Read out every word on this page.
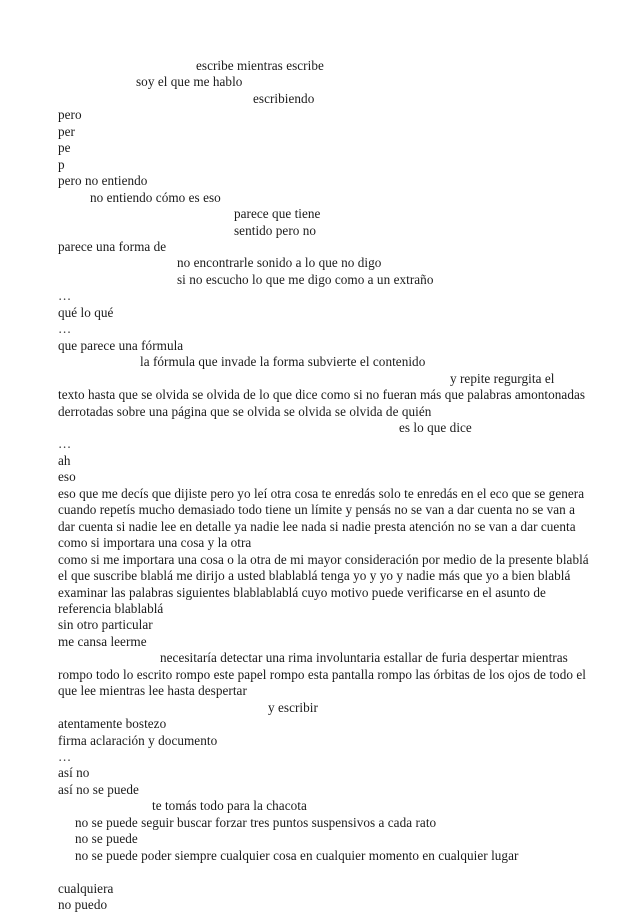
escribe mientras escribe
soy el que me hablo
escribiendo
pero
per
pe
p
pero no entiendo
no entiendo cómo es eso
parece que tiene
sentido pero no
parece una forma de
no encontrarle sonido a lo que no digo
si no escucho lo que me digo como a un extraño
…
qué lo qué
…
que parece una fórmula
la fórmula que invade la forma subvierte el contenido
y repite regurgita el
texto hasta que se olvida se olvida de lo que dice como si no fueran más que palabras amontonadas
derrotadas sobre una página que se olvida se olvida se olvida de quién
es lo que dice
…
ah
eso
eso que me decís que dijiste pero yo leí otra cosa te enredás solo te enredás en el eco que se genera
cuando repetís mucho demasiado todo tiene un límite y pensás no se van a dar cuenta no se van a
dar cuenta si nadie lee en detalle ya nadie lee nada si nadie presta atención no se van a dar cuenta
como si importara una cosa y la otra
como si me importara una cosa o la otra de mi mayor consideración por medio de la presente blablá
el que suscribe blablá me dirijo a usted blablablá tenga yo y yo y nadie más que yo a bien blablá
examinar las palabras siguientes blablablablá cuyo motivo puede verificarse en el asunto de
referencia blablablá
sin otro particular
me cansa leerme
necesitaría detectar una rima involuntaria estallar de furia despertar mientras
rompo todo lo escrito rompo este papel rompo esta pantalla rompo las órbitas de los ojos de todo el
que lee mientras lee hasta despertar
y escribir
atentamente bostezo
firma aclaración y documento
…
así no
así no se puede
te tomás todo para la chacota
no se puede seguir buscar forzar tres puntos suspensivos a cada rato
no se puede
no se puede poder siempre cualquier cosa en cualquier momento en cualquier lugar
cualquiera
no puedo
